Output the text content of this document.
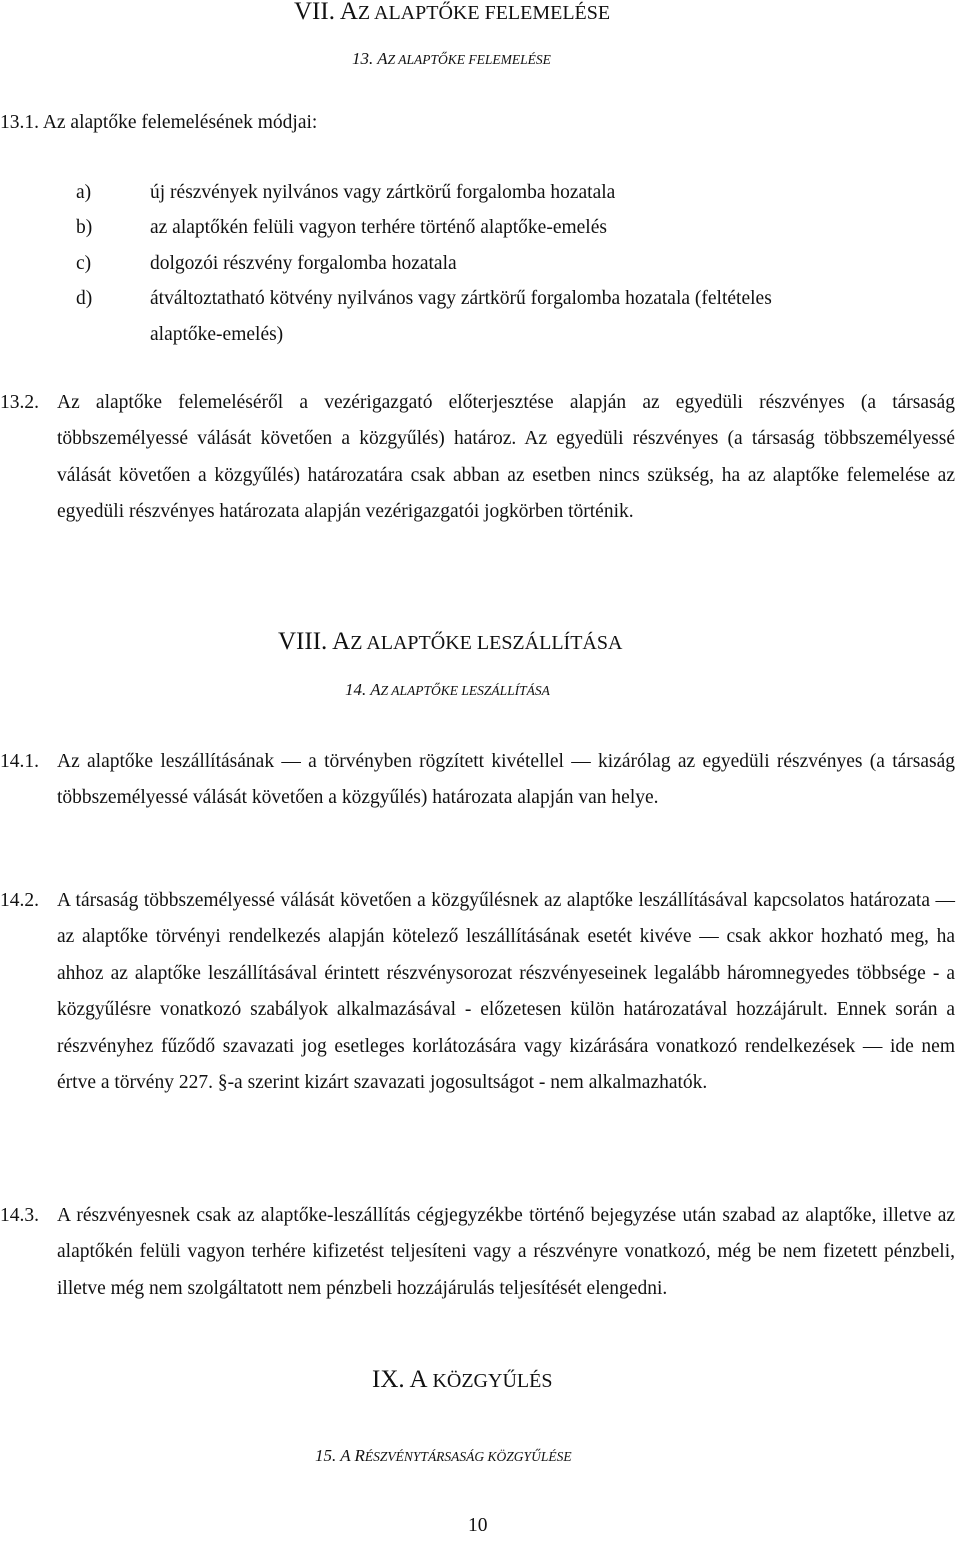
VII. AZ ALAPTŐKE FELEMELÉSE
13. AZ ALAPTŐKE FELEMELÉSE
13.1. Az alaptőke felemelésének módjai:
a)	új részvények nyilvános vagy zártkörű forgalomba hozatala
b)	az alaptőkén felüli vagyon terhére történő alaptőke-emelés
c)	dolgozói részvény forgalomba hozatala
d)	átváltoztatható kötvény nyilvános vagy zártkörű forgalomba hozatala (feltételes
alaptőke-emelés)
13.2. Az alaptőke felemeléséről a vezérigazgató előterjesztése alapján az egyedüli részvényes (a társaság többszemélyessé válását követően a közgyűlés) határoz. Az egyedüli részvényes (a társaság többszemélyessé válását követően a közgyűlés) határozatára csak abban az esetben nincs szükség, ha az alaptőke felemelése az egyedüli részvényes határozata alapján vezérigazgatói jogkörben történik.
VIII. AZ ALAPTŐKE LESZÁLLÍTÁSA
14. AZ ALAPTŐKE LESZÁLLÍTÁSA
14.1. Az alaptőke leszállításának — a törvényben rögzített kivétellel — kizárólag az egyedüli részvényes (a társaság többszemélyessé válását követően a közgyűlés) határozata alapján van helye.
14.2. A társaság többszemélyessé válását követően a közgyűlésnek az alaptőke leszállításával kapcsolatos határozata — az alaptőke törvényi rendelkezés alapján kötelező leszállításának esetét kivéve — csak akkor hozható meg, ha ahhoz az alaptőke leszállításával érintett részvénysorozat részvényeseinek legalább háromnegyedes többsége - a közgyűlésre vonatkozó szabályok alkalmazásával - előzetesen külön határozatával hozzájárult. Ennek során a részvényhez fűződő szavazati jog esetleges korlátozására vagy kizárására vonatkozó rendelkezések — ide nem értve a törvény 227. §-a szerint kizárt szavazati jogosultságot - nem alkalmazhatók.
14.3. A részvényesnek csak az alaptőke-leszállítás cégjegyzékbe történő bejegyzése után szabad az alaptőke, illetve az alaptőkén felüli vagyon terhére kifizetést teljesíteni vagy a részvényre vonatkozó, még be nem fizetett pénzbeli, illetve még nem szolgáltatott nem pénzbeli hozzájárulás teljesítését elengedni.
IX. A KÖZGYŰLÉS
15. A RÉSZVÉNYTÁRSASÁG KÖZGYŰLÉSE
10
